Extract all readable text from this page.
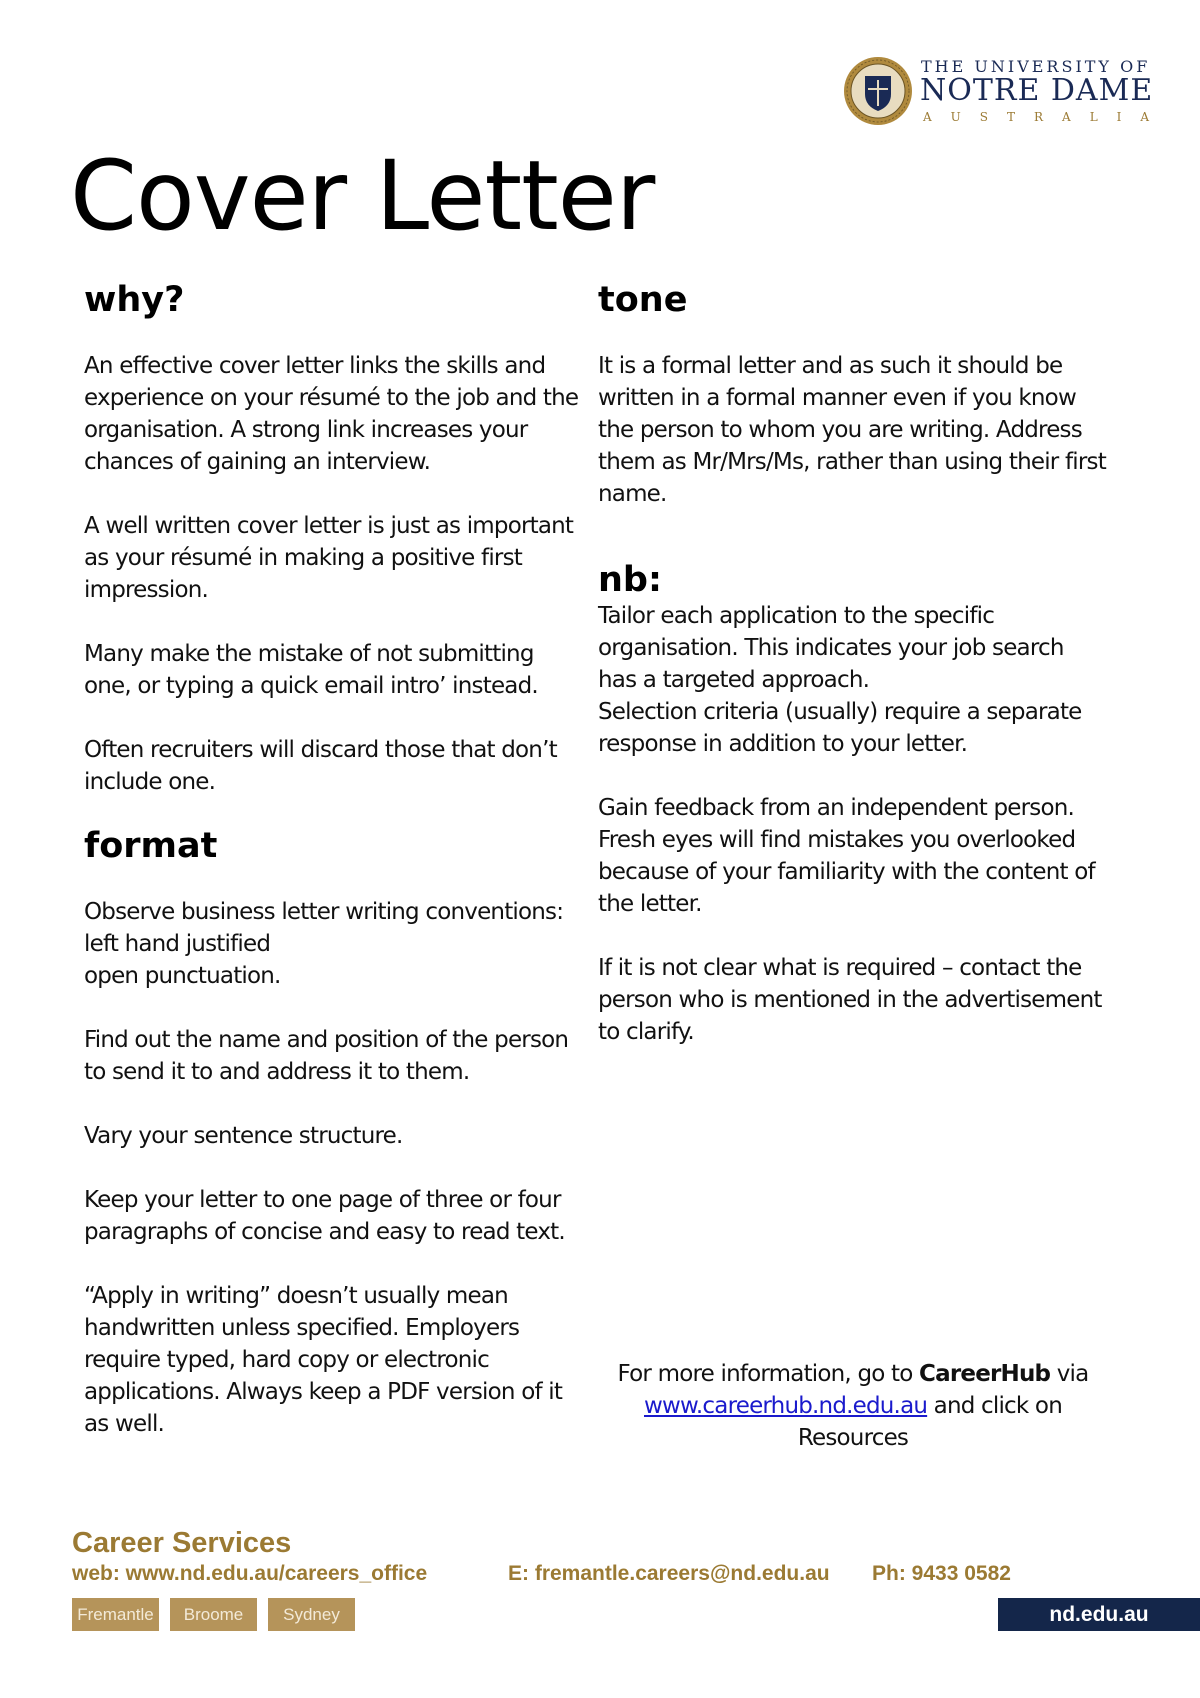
THE UNIVERSITY OF
NOTRE DAME
AUSTRALIA
Cover Letter
why?

An effective cover letter links the skills and experience on your résumé to the job and the organisation. A strong link increases your chances of gaining an interview.

A well written cover letter is just as important as your résumé in making a positive first impression.

Many make the mistake of not submitting one, or typing a quick email intro’ instead.

Often recruiters will discard those that don’t include one.

format

Observe business letter writing conventions:

left hand justified

open punctuation.

Find out the name and position of the person to send it to and address it to them.

Vary your sentence structure.

Keep your letter to one page of three or four paragraphs of concise and easy to read text.

“Apply in writing” doesn’t usually mean handwritten unless specified. Employers require typed, hard copy or electronic applications. Always keep a PDF version of it as well.

tone

It is a formal letter and as such it should be written in a formal manner even if you know the person to whom you are writing. Address them as Mr/Mrs/Ms, rather than using their first name.

nb:

Tailor each application to the specific organisation. This indicates your job search has a targeted approach.

Selection criteria (usually) require a separate response in addition to your letter.

Gain feedback from an independent person. Fresh eyes will find mistakes you overlooked because of your familiarity with the content of the letter.

If it is not clear what is required – contact the person who is mentioned in the advertisement to clarify.

For more information, go to CareerHub via
www.careerhub.nd.edu.au and click on
Resources
Career Services
web: www.nd.edu.au/careers_office	E: fremantle.careers@nd.edu.au Ph: 9433 0582
Fremantle	Broome	Sydney	nd.edu.au
